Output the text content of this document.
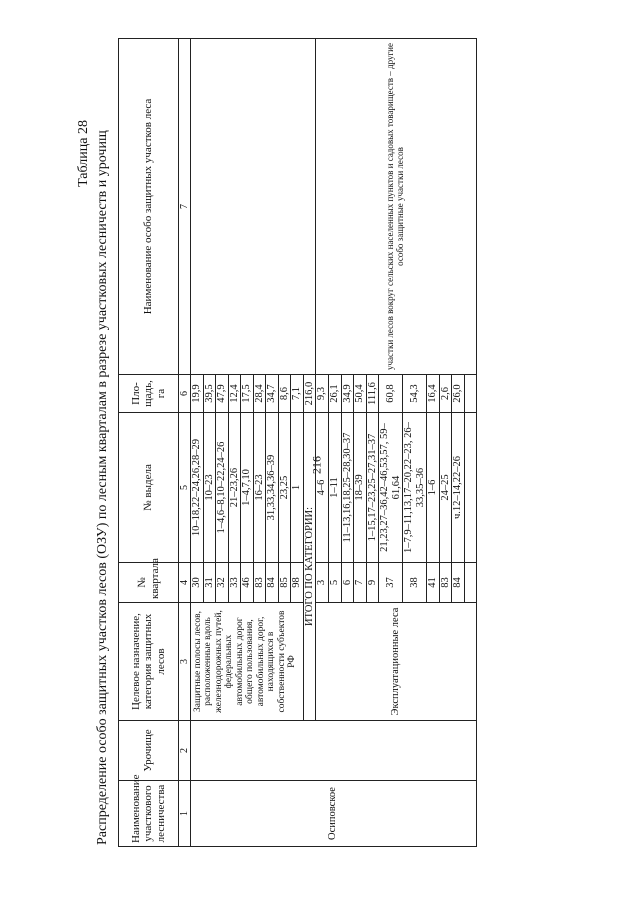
216
Таблица 28 Распределение особо защитных участков лесов (ОЗУ) по лесным кварталам в разрезе участковых лесничеств и урочищ Наименование участкового лесничества	Урочище	Целевое назначение, категория защитных лесов	№ квартала	№ выдела	Пло-щадь, га	Наименование особо защитных участков леса
1	2	3	4	5	6	7
Осиповское		Защитные полосы лесов, расположенные вдоль железнодорожных путей, федеральных автомобильных дорог общего пользования, автомобильных дорог, находящихся в собственности субъектов РФ	30	10–18,22–24,26,28–29	19,9	
			31	10–23	39,5	
			32	1–4,6–8,10–22,24–26	47,9	
			33	21–23,26	12,4	
			46	1–4,7,10	17,5	
			83	16–23	28,4	
			84	31,33,34,36–39	34,7	
			85	23,25	8,6	
			98	1	7,1	
		ИТОГО ПО КАТЕГОРИИ:			216,0	
		Эксплуатационные леса	3	4–6	9,3	участки лесов вокруг сельских населенных пунктов и садовых товариществ – другие особо защитные участки лесов
			5	1–11	26,1	
			6	11–13,16,18,25–28,30–37	34,9	
			7	18–39	50,4	
			9	1–15,17–23,25–27,31–37	111,6	
			37	21,23,27–36,42–46,53,57, 59–61,64	60,8	
			38	1–7,9–11,13,17–20,22–23, 26–33,35–36	54,3	
			41	1–6	16,4	
			83	24–25	2,6	
			84	ч.12–14,22–26	26,0	
